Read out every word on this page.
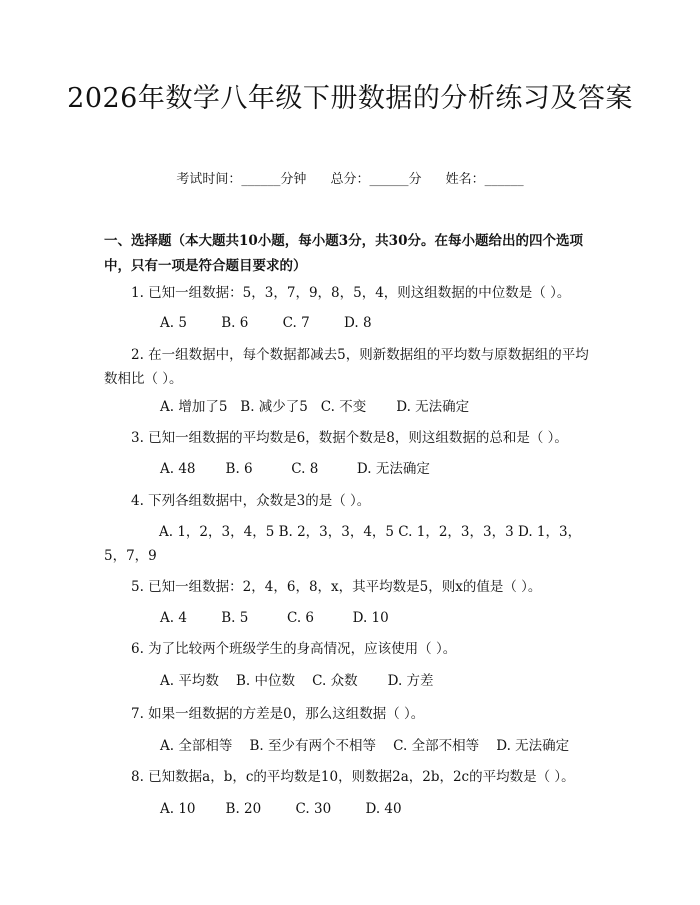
2026年数学八年级下册数据的分析练习及答案
考试时间：______分钟 总分：______分 姓名：______
一、选择题（本大题共10小题，每小题3分，共30分。在每小题给出的四个选项中，只有一项是符合题目要求的）
1. 已知一组数据：5，3，7，9，8，5，4，则这组数据的中位数是（ ）。
A. 5        B. 6        C. 7        D. 8
2. 在一组数据中，每个数据都减去5，则新数据组的平均数与原数据组的平均数相比（ ）。
A. 增加了5   B. 减少了5   C. 不变       D. 无法确定
3. 已知一组数据的平均数是6，数据个数是8，则这组数据的总和是（ ）。
A. 48       B. 6         C. 8         D. 无法确定
4. 下列各组数据中，众数是3的是（ ）。
A. 1，2，3，4，5 B. 2，3，3，4，5 C. 1，2，3，3，3 D. 1，3，5，7，9
5. 已知一组数据：2，4，6，8，x，其平均数是5，则x的值是（ ）。
A. 4        B. 5         C. 6         D. 10
6. 为了比较两个班级学生的身高情况，应该使用（ ）。
A. 平均数    B. 中位数    C. 众数       D. 方差
7. 如果一组数据的方差是0，那么这组数据（ ）。
A. 全部相等    B. 至少有两个不相等    C. 全部不相等    D. 无法确定
8. 已知数据a，b，c的平均数是10，则数据2a，2b，2c的平均数是（ ）。
A. 10       B. 20        C. 30        D. 40
